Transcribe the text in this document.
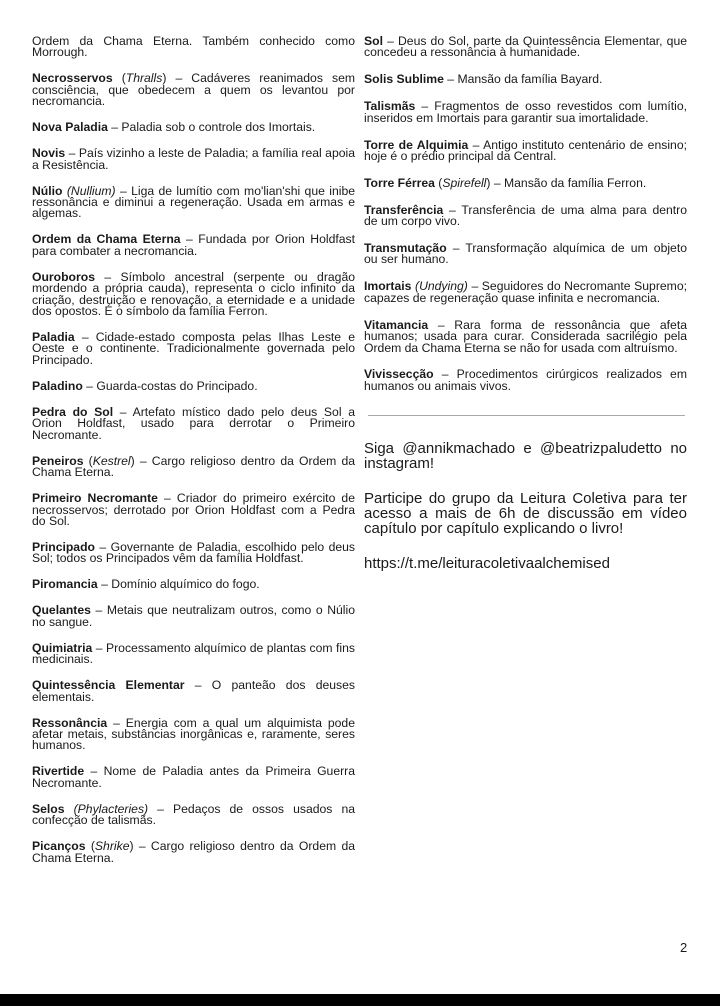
Ordem da Chama Eterna. Também conhecido como Morrough.

Necrosservos (Thralls) – Cadáveres reanimados sem consciência, que obedecem a quem os levantou por necromancia.

Nova Paladia – Paladia sob o controle dos Imortais.

Novis – País vizinho a leste de Paladia; a família real apoia a Resistência.

Núlio (Nullium) – Liga de lumítio com mo'lian'shi que inibe ressonância e diminui a regeneração. Usada em armas e algemas.

Ordem da Chama Eterna – Fundada por Orion Holdfast para combater a necromancia.

Ouroboros – Símbolo ancestral (serpente ou dragão mordendo a própria cauda), representa o ciclo infinito da criação, destruição e renovação, a eternidade e a unidade dos opostos. É o símbolo da família Ferron.

Paladia – Cidade-estado composta pelas Ilhas Leste e Oeste e o continente. Tradicionalmente governada pelo Principado.

Paladino – Guarda-costas do Principado.

Pedra do Sol – Artefato místico dado pelo deus Sol a Orion Holdfast, usado para derrotar o Primeiro Necromante.

Peneiros (Kestrel) – Cargo religioso dentro da Ordem da Chama Eterna.

Primeiro Necromante – Criador do primeiro exército de necrosservos; derrotado por Orion Holdfast com a Pedra do Sol.

Principado – Governante de Paladia, escolhido pelo deus Sol; todos os Principados vêm da família Holdfast.

Piromancia – Domínio alquímico do fogo.

Quelantes – Metais que neutralizam outros, como o Núlio no sangue.

Quimiatria – Processamento alquímico de plantas com fins medicinais.

Quintessência Elementar – O panteão dos deuses elementais.

Ressonância – Energia com a qual um alquimista pode afetar metais, substâncias inorgânicas e, raramente, seres humanos.

Rivertide – Nome de Paladia antes da Primeira Guerra Necromante.

Selos (Phylacteries) – Pedaços de ossos usados na confecção de talismãs.

Picanços (Shrike) – Cargo religioso dentro da Ordem da Chama Eterna.

Sol – Deus do Sol, parte da Quintessência Elementar, que concedeu a ressonância à humanidade.

Solis Sublime – Mansão da família Bayard.

Talismãs – Fragmentos de osso revestidos com lumítio, inseridos em Imortais para garantir sua imortalidade.

Torre de Alquimia – Antigo instituto centenário de ensino; hoje é o prédio principal da Central.

Torre Férrea (Spirefell) – Mansão da família Ferron.

Transferência – Transferência de uma alma para dentro de um corpo vivo.

Transmutação – Transformação alquímica de um objeto ou ser humano.

Imortais (Undying) – Seguidores do Necromante Supremo; capazes de regeneração quase infinita e necromancia.

Vitamancia – Rara forma de ressonância que afeta humanos; usada para curar. Considerada sacrilégio pela Ordem da Chama Eterna se não for usada com altruísmo.

Vivissecção – Procedimentos cirúrgicos realizados em humanos ou animais vivos.

Siga @annikmachado e @beatrizpaludetto no instagram!

Participe do grupo da Leitura Coletiva para ter acesso a mais de 6h de discussão em vídeo capítulo por capítulo explicando o livro!

https://t.me/leituracoletivaalchemised

2
